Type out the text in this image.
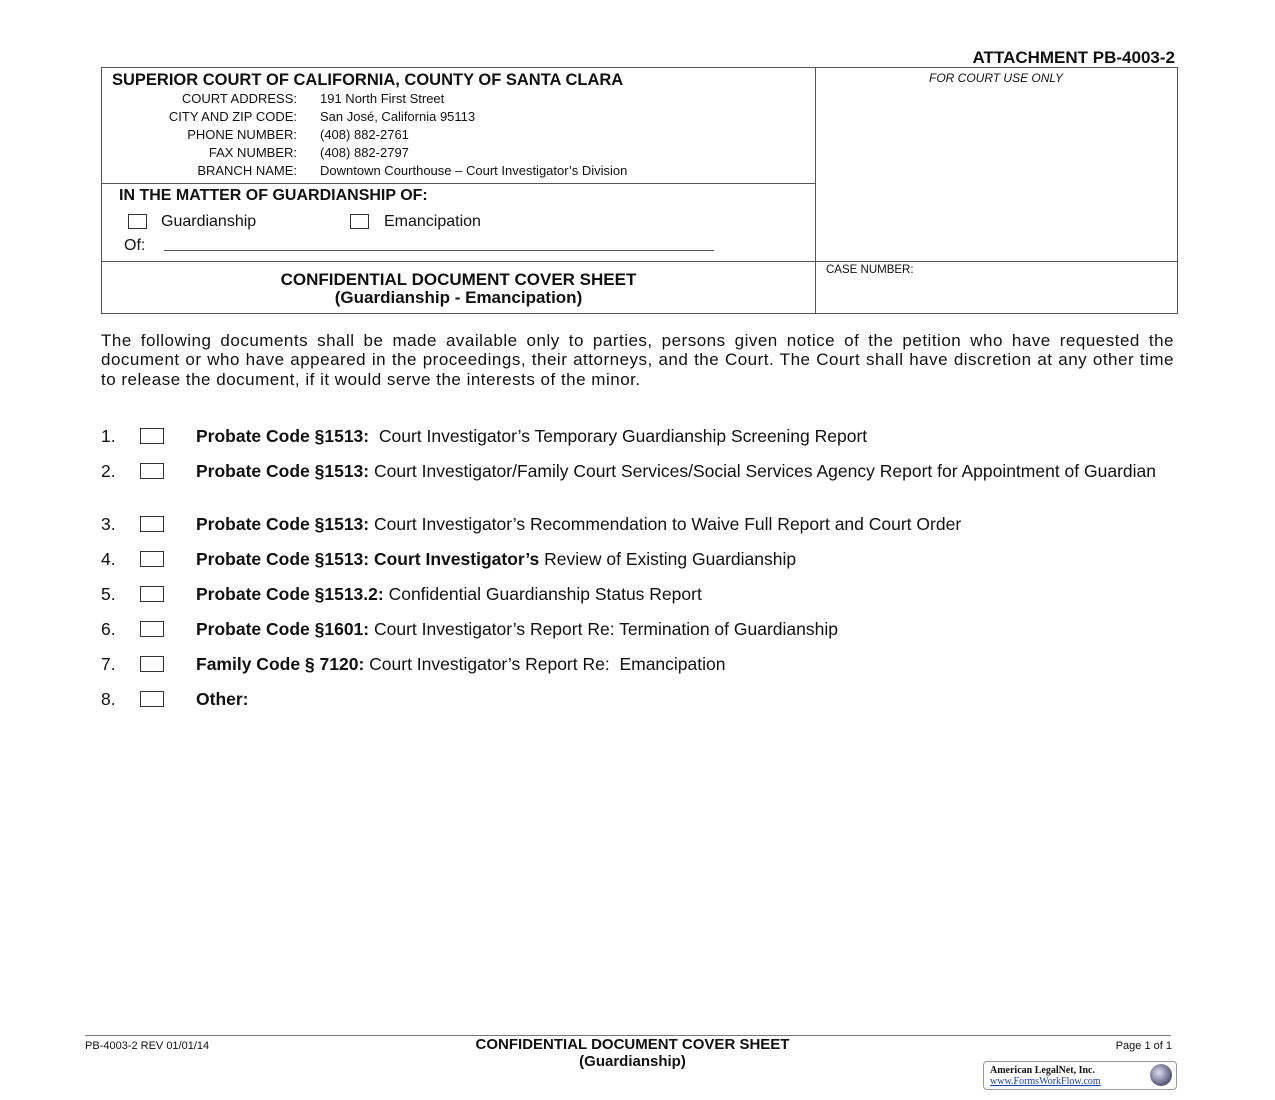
ATTACHMENT PB-4003-2
SUPERIOR COURT OF CALIFORNIA, COUNTY OF SANTA CLARA
COURT ADDRESS: 191 North First Street
CITY AND ZIP CODE: San José, California 95113
PHONE NUMBER: (408) 882-2761
FAX NUMBER: (408) 882-2797
BRANCH NAME: Downtown Courthouse – Court Investigator’s Division
IN THE MATTER OF GUARDIANSHIP OF:
Guardianship	Emancipation
Of:
CONFIDENTIAL DOCUMENT COVER SHEET
(Guardianship - Emancipation)
FOR COURT USE ONLY
CASE NUMBER:
The following documents shall be made available only to parties, persons given notice of the petition who have requested the document or who have appeared in the proceedings, their attorneys, and the Court. The Court shall have discretion at any other time to release the document, if it would serve the interests of the minor.
1.	Probate Code §1513:  Court Investigator’s Temporary Guardianship Screening Report
2.	Probate Code §1513: Court Investigator/Family Court Services/Social Services Agency Report for Appointment of Guardian
3.	Probate Code §1513: Court Investigator’s Recommendation to Waive Full Report and Court Order
4.	Probate Code §1513: Court Investigator’s Review of Existing Guardianship
5.	Probate Code §1513.2: Confidential Guardianship Status Report
6.	Probate Code §1601: Court Investigator’s Report Re: Termination of Guardianship
7.	Family Code § 7120: Court Investigator’s Report Re:  Emancipation
8.	Other:
PB-4003-2 REV 01/01/14	CONFIDENTIAL DOCUMENT COVER SHEET
(Guardianship)
Page 1 of 1
American LegalNet, Inc.
www.FormsWorkFlow.com
